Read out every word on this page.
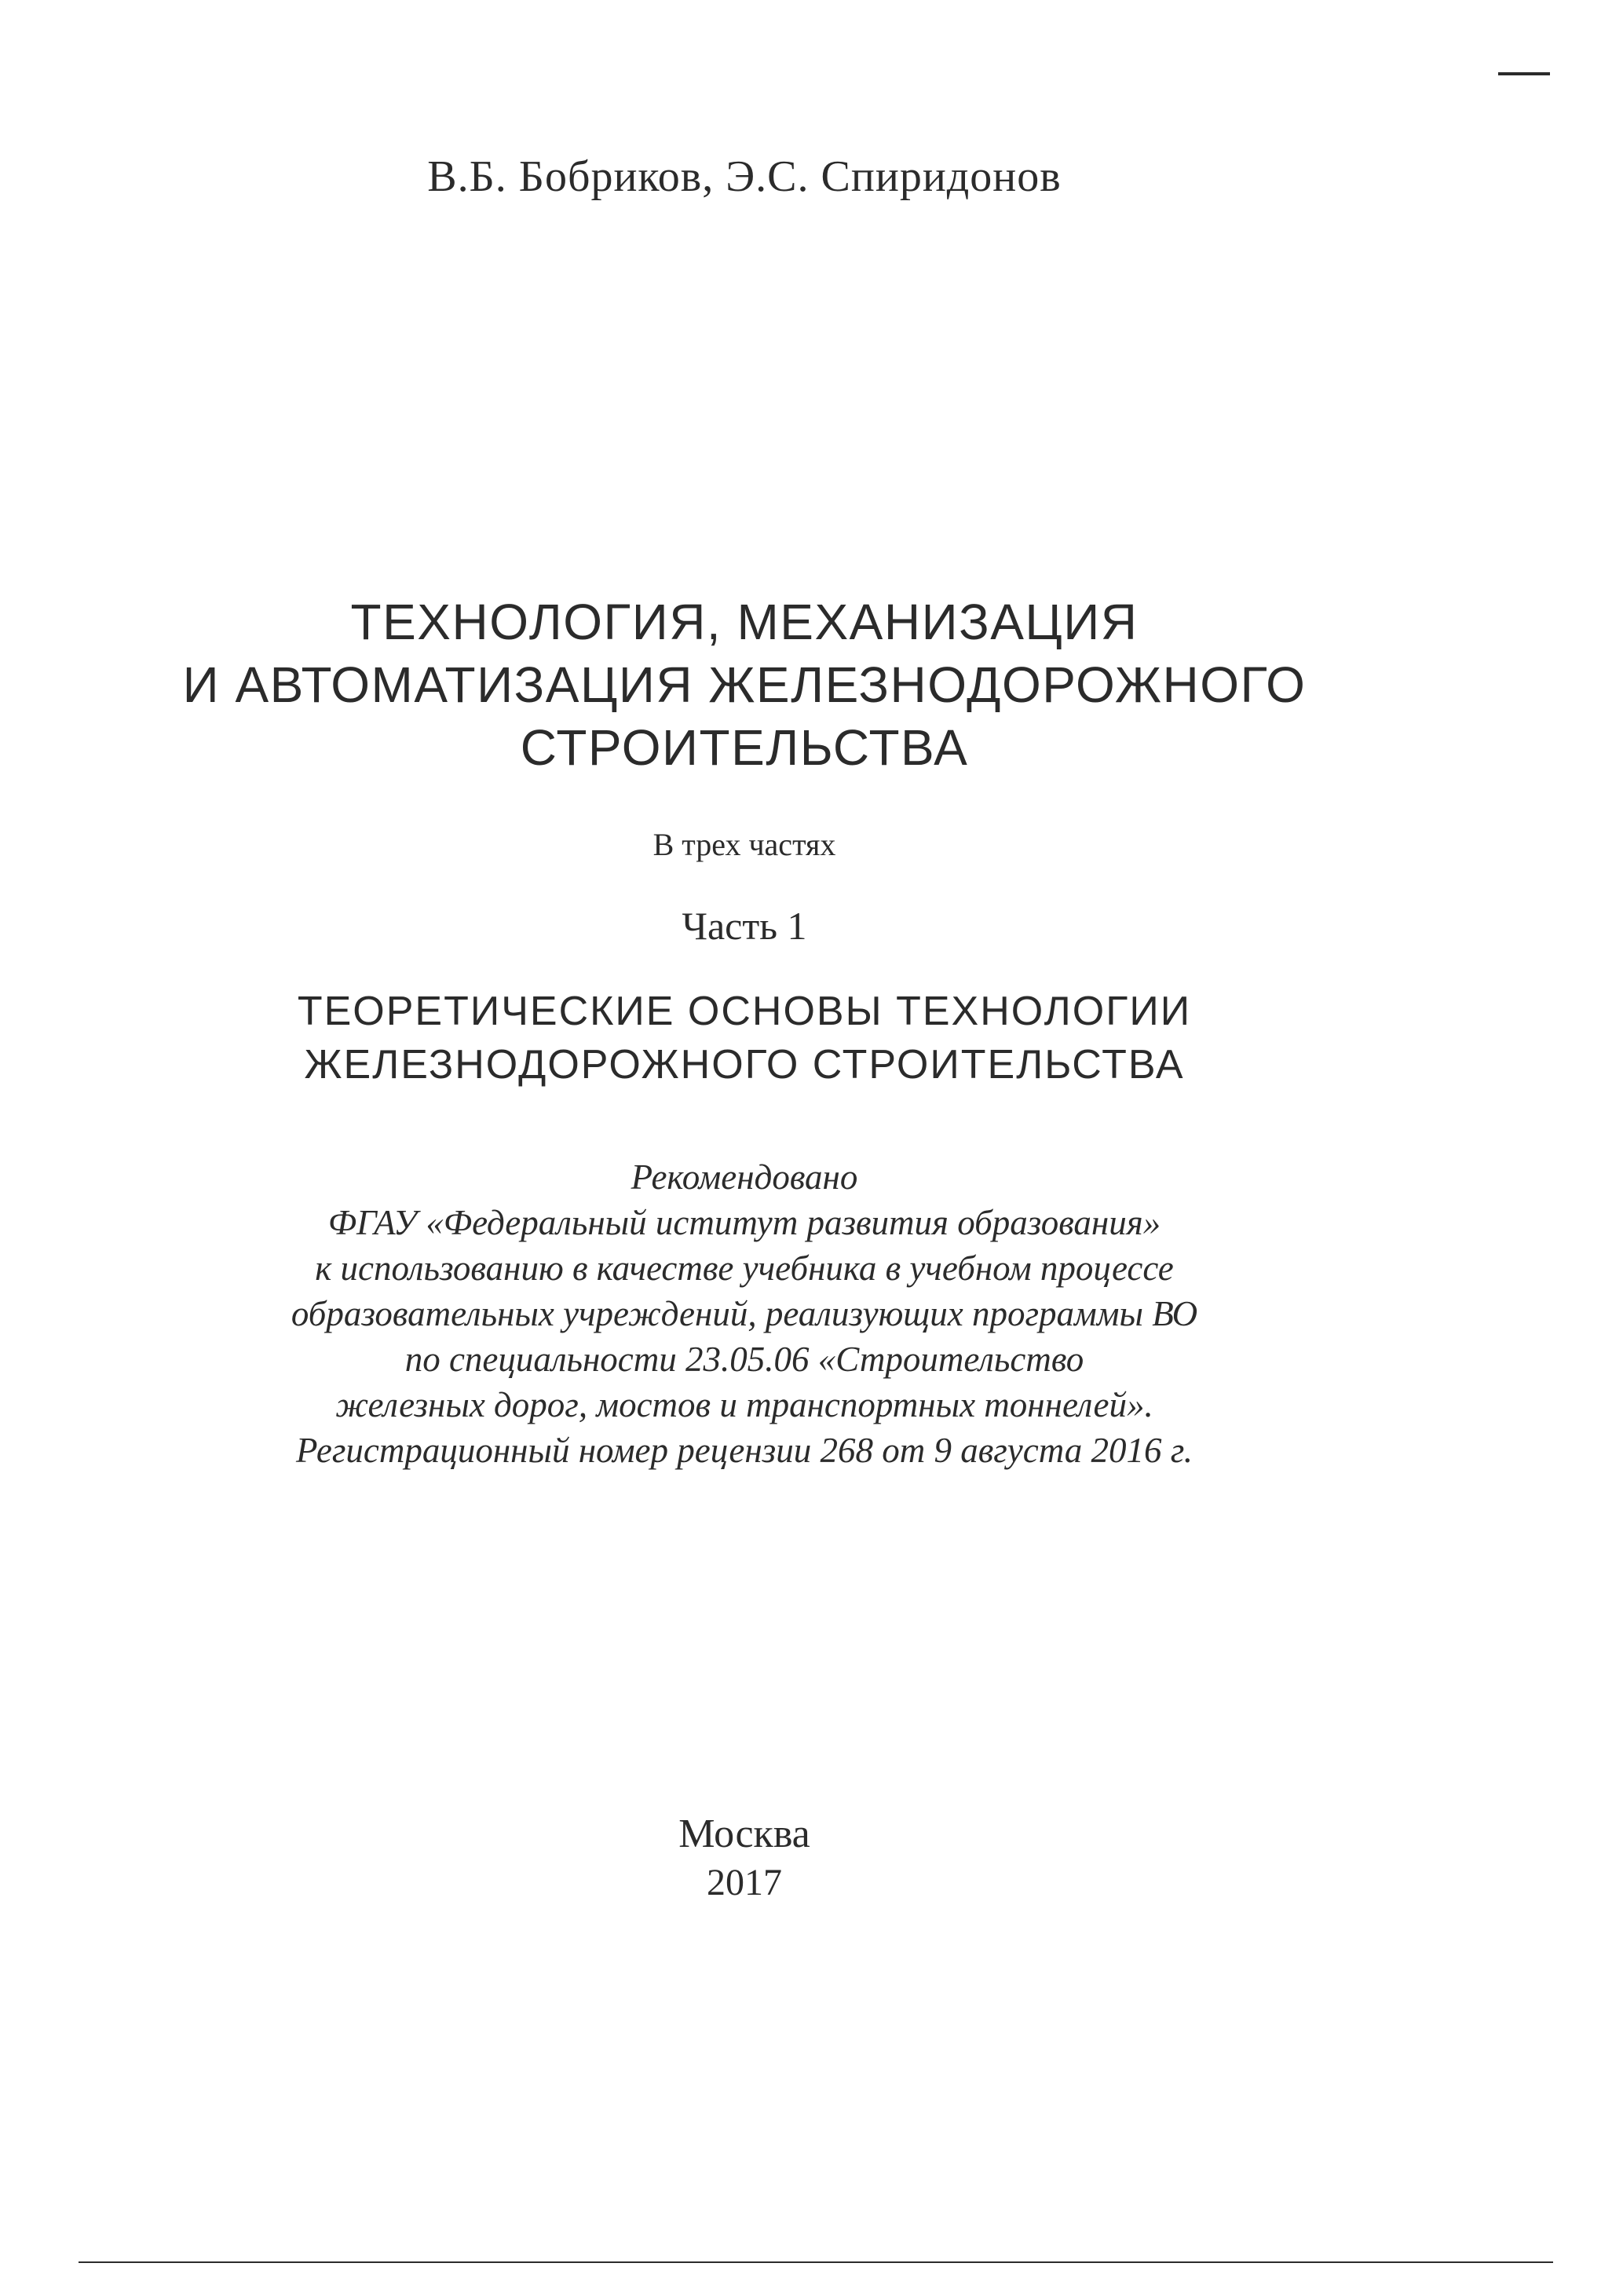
В.Б. Бобриков, Э.С. Спиридонов
ТЕХНОЛОГИЯ, МЕХАНИЗАЦИЯ
И АВТОМАТИЗАЦИЯ ЖЕЛЕЗНОДОРОЖНОГО
СТРОИТЕЛЬСТВА
В трех частях
Часть 1
ТЕОРЕТИЧЕСКИЕ ОСНОВЫ ТЕХНОЛОГИИ
ЖЕЛЕЗНОДОРОЖНОГО СТРОИТЕЛЬСТВА
Рекомендовано
ФГАУ «Федеральный иститут развития образования»
к использованию в качестве учебника в учебном процессе
образовательных учреждений, реализующих программы ВО
по специальности 23.05.06 «Строительство
железных дорог, мостов и транспортных тоннелей».
Регистрационный номер рецензии 268 от 9 августа 2016 г.
Москва
2017
